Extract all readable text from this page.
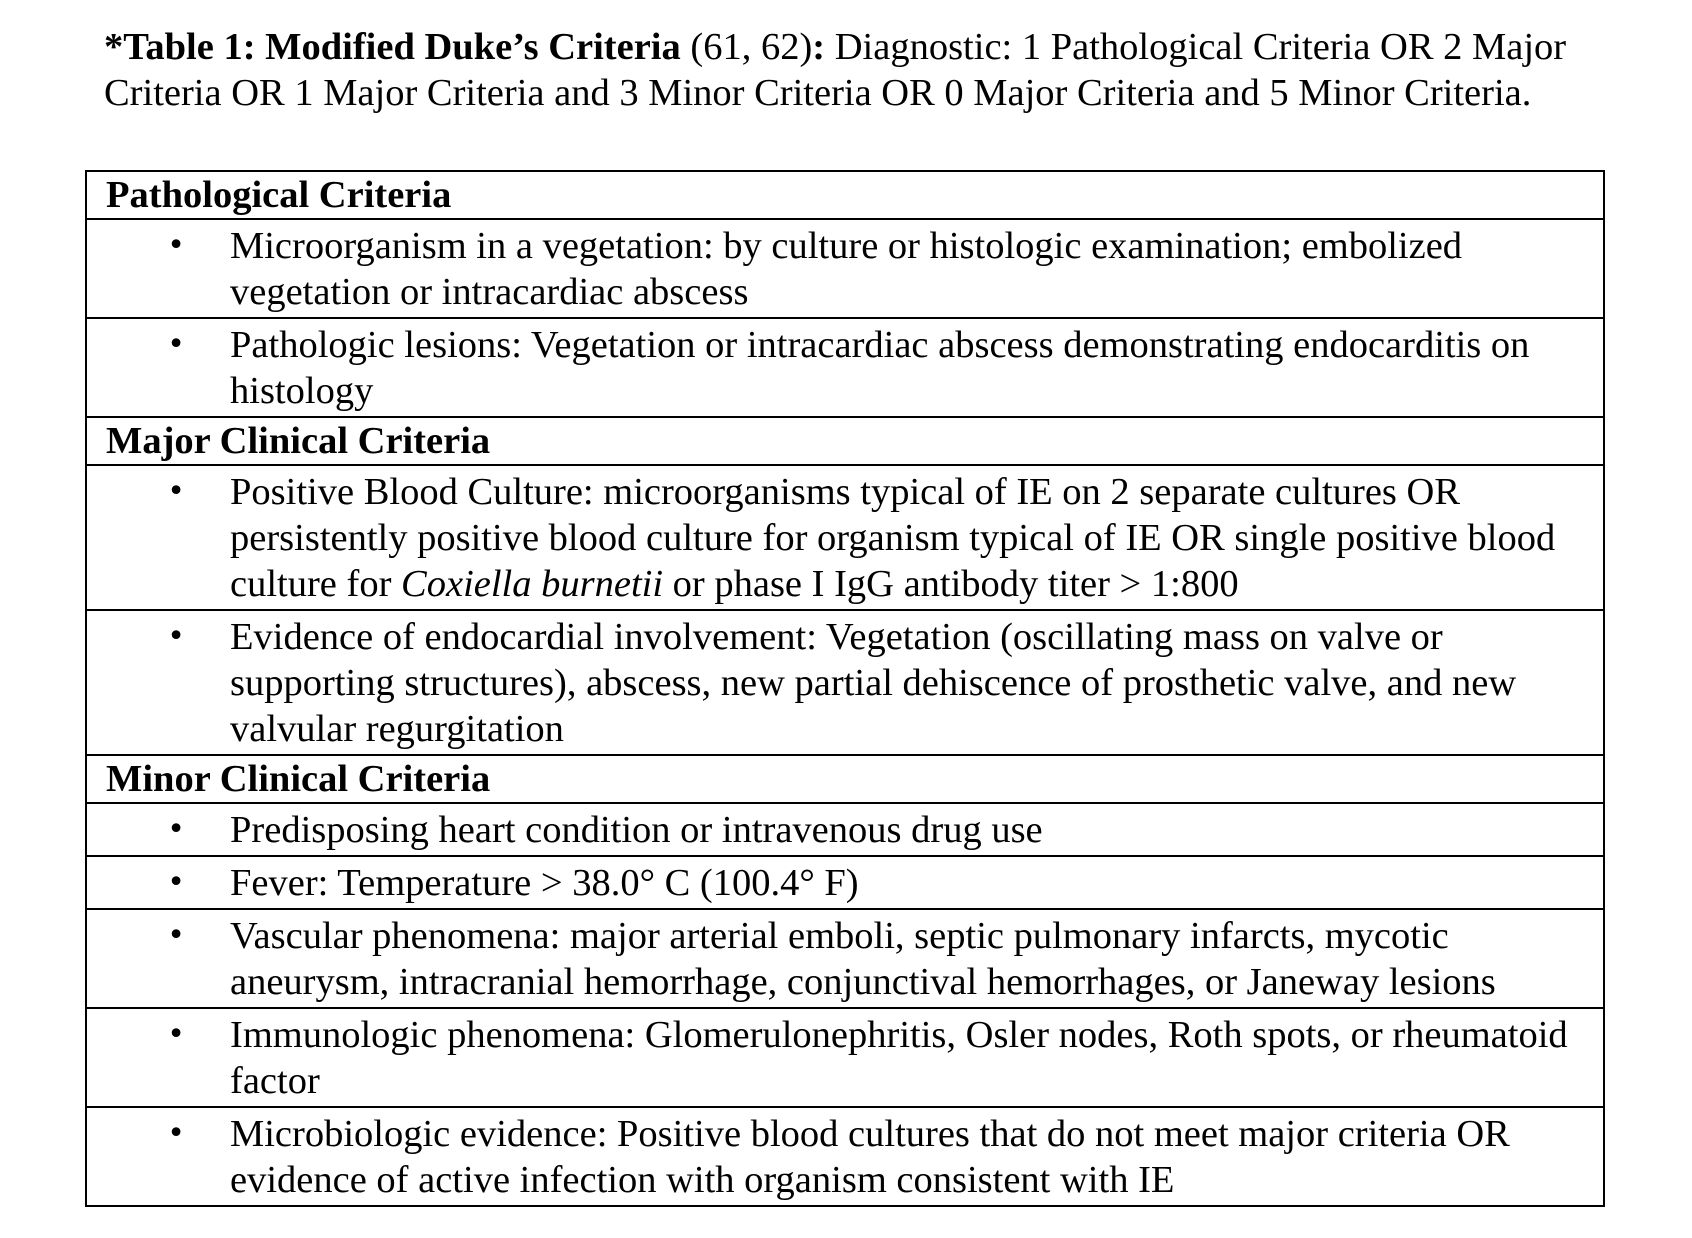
*Table 1: Modified Duke’s Criteria (61, 62): Diagnostic: 1 Pathological Criteria OR 2 Major Criteria OR 1 Major Criteria and 3 Minor Criteria OR 0 Major Criteria and 5 Minor Criteria.
Pathological Criteria

•	Microorganism in a vegetation: by culture or histologic examination; embolized vegetation or intracardiac abscess

•	Pathologic lesions: Vegetation or intracardiac abscess demonstrating endocarditis on histology

Major Clinical Criteria

•	Positive Blood Culture: microorganisms typical of IE on 2 separate cultures OR persistently positive blood culture for organism typical of IE OR single positive blood culture for Coxiella burnetii or phase I IgG antibody titer > 1:800

•	Evidence of endocardial involvement: Vegetation (oscillating mass on valve or supporting structures), abscess, new partial dehiscence of prosthetic valve, and new valvular regurgitation

Minor Clinical Criteria

•	Predisposing heart condition or intravenous drug use

•	Fever: Temperature > 38.0° C (100.4° F)

•	Vascular phenomena: major arterial emboli, septic pulmonary infarcts, mycotic aneurysm, intracranial hemorrhage, conjunctival hemorrhages, or Janeway lesions

•	Immunologic phenomena: Glomerulonephritis, Osler nodes, Roth spots, or rheumatoid factor

•	Microbiologic evidence: Positive blood cultures that do not meet major criteria OR evidence of active infection with organism consistent with IE
